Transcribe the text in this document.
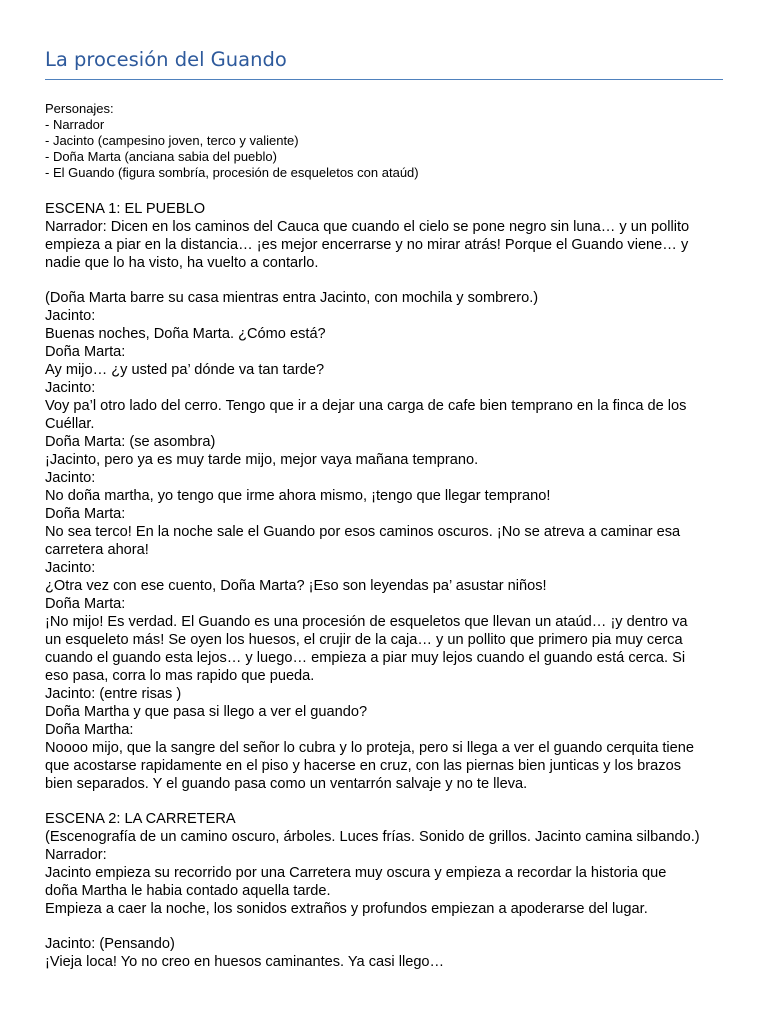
La procesión del Guando
Personajes:
- Narrador
- Jacinto (campesino joven, terco y valiente)
- Doña Marta (anciana sabia del pueblo)
- El Guando (figura sombría, procesión de esqueletos con ataúd)
ESCENA 1: EL PUEBLO
Narrador: Dicen en los caminos del Cauca que cuando el cielo se pone negro sin luna… y un pollito
empieza a piar en la distancia… ¡es mejor encerrarse y no mirar atrás! Porque el Guando viene… y
nadie que lo ha visto, ha vuelto a contarlo.
(Doña Marta barre su casa mientras entra Jacinto, con mochila y sombrero.)
Jacinto:
Buenas noches, Doña Marta. ¿Cómo está?
Doña Marta:
Ay mijo… ¿y usted pa’ dónde va tan tarde?
Jacinto:
Voy pa’l otro lado del cerro. Tengo que ir a dejar una carga de cafe bien temprano en la finca de los
Cuéllar.
Doña Marta: (se asombra)
¡Jacinto, pero ya es muy tarde mijo, mejor vaya mañana temprano.
Jacinto:
No doña martha, yo tengo que irme ahora mismo, ¡tengo que llegar temprano!
Doña Marta:
No sea terco! En la noche sale el Guando por esos caminos oscuros. ¡No se atreva a caminar esa
carretera ahora!
Jacinto:
¿Otra vez con ese cuento, Doña Marta? ¡Eso son leyendas pa’ asustar niños!
Doña Marta:
¡No mijo! Es verdad. El Guando es una procesión de esqueletos que llevan un ataúd… ¡y dentro va
un esqueleto más! Se oyen los huesos, el crujir de la caja… y un pollito que primero pia muy cerca
cuando el guando esta lejos… y luego… empieza a piar muy lejos cuando el guando está cerca. Si
eso pasa, corra lo mas rapido que pueda.
Jacinto: (entre risas )
Doña Martha y que pasa si llego a ver el guando?
Doña Martha:
Noooo mijo, que la sangre del señor lo cubra y lo proteja, pero si llega a ver el guando cerquita tiene
que acostarse rapidamente en el piso y hacerse en cruz, con las piernas bien junticas y los brazos
bien separados. Y el guando pasa como un ventarrón salvaje y no te lleva.
ESCENA 2: LA CARRETERA
(Escenografía de un camino oscuro, árboles. Luces frías. Sonido de grillos. Jacinto camina silbando.)
Narrador:
Jacinto empieza su recorrido por una Carretera muy oscura y empieza a recordar la historia que
doña Martha le habia contado aquella tarde.
Empieza a caer la noche, los sonidos extraños y profundos empiezan a apoderarse del lugar.
Jacinto: (Pensando)
¡Vieja loca! Yo no creo en huesos caminantes. Ya casi llego…
